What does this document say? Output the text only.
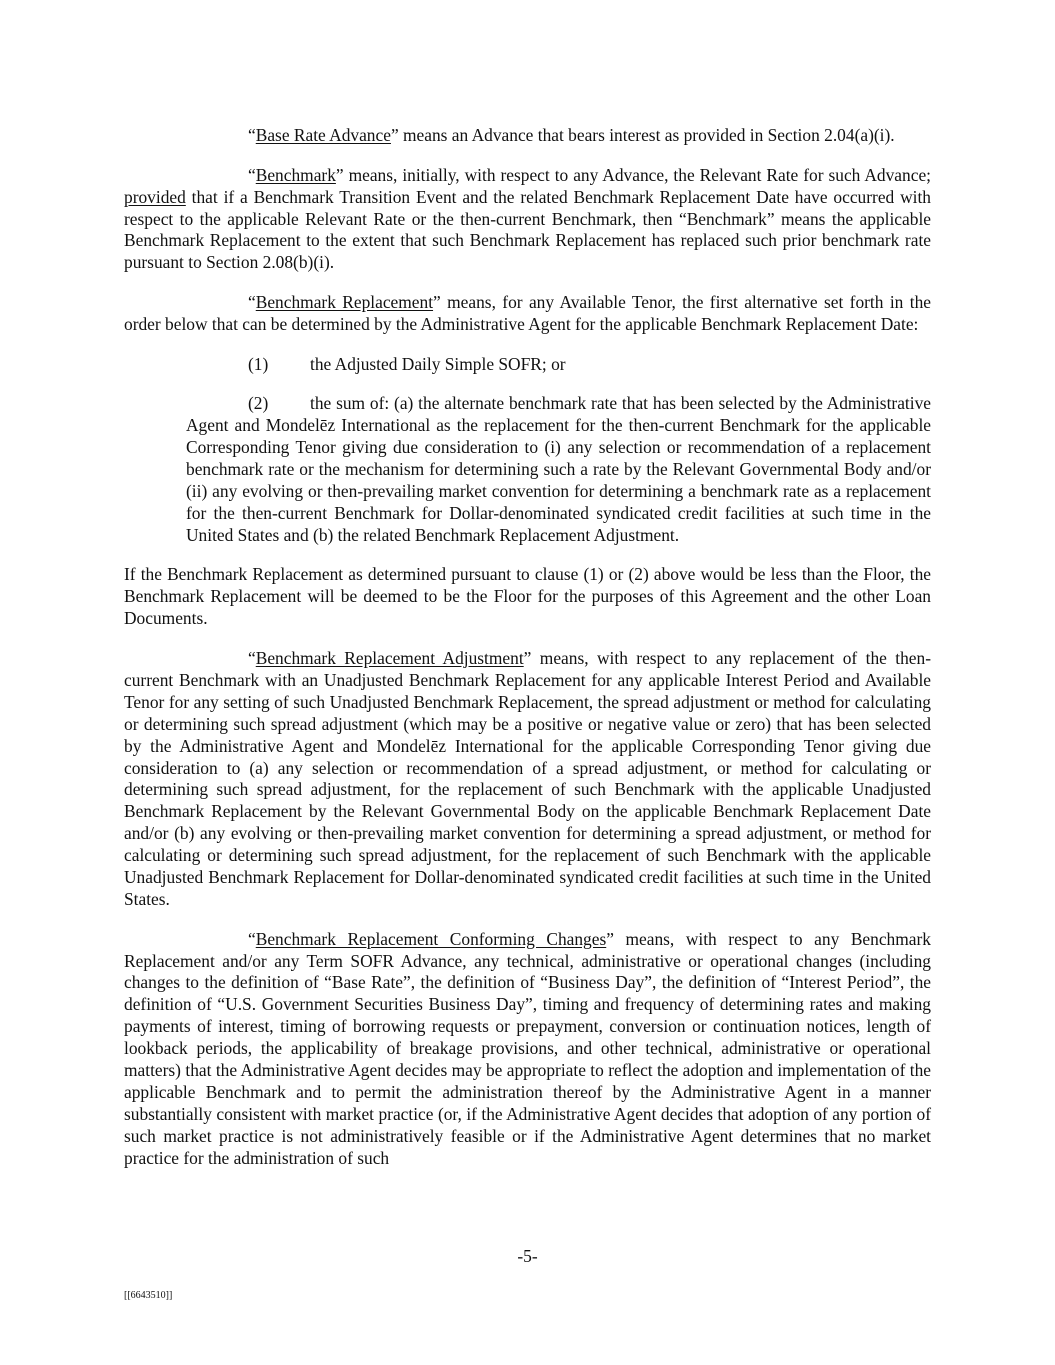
“Base Rate Advance” means an Advance that bears interest as provided in Section 2.04(a)(i).

“Benchmark” means, initially, with respect to any Advance, the Relevant Rate for such Advance; provided that if a Benchmark Transition Event and the related Benchmark Replacement Date have occurred with respect to the applicable Relevant Rate or the then-current Benchmark, then “Benchmark” means the applicable Benchmark Replacement to the extent that such Benchmark Replacement has replaced such prior benchmark rate pursuant to Section 2.08(b)(i).

“Benchmark Replacement” means, for any Available Tenor, the first alternative set forth in the order below that can be determined by the Administrative Agent for the applicable Benchmark Replacement Date:

(1) the Adjusted Daily Simple SOFR; or

(2) the sum of: (a) the alternate benchmark rate that has been selected by the Administrative Agent and Mondelēz International as the replacement for the then-current Benchmark for the applicable Corresponding Tenor giving due consideration to (i) any selection or recommendation of a replacement benchmark rate or the mechanism for determining such a rate by the Relevant Governmental Body and/or (ii) any evolving or then-prevailing market convention for determining a benchmark rate as a replacement for the then-current Benchmark for Dollar-denominated syndicated credit facilities at such time in the United States and (b) the related Benchmark Replacement Adjustment.

If the Benchmark Replacement as determined pursuant to clause (1) or (2) above would be less than the Floor, the Benchmark Replacement will be deemed to be the Floor for the purposes of this Agreement and the other Loan Documents.

“Benchmark Replacement Adjustment” means, with respect to any replacement of the then-current Benchmark with an Unadjusted Benchmark Replacement for any applicable Interest Period and Available Tenor for any setting of such Unadjusted Benchmark Replacement, the spread adjustment or method for calculating or determining such spread adjustment (which may be a positive or negative value or zero) that has been selected by the Administrative Agent and Mondelēz International for the applicable Corresponding Tenor giving due consideration to (a) any selection or recommendation of a spread adjustment, or method for calculating or determining such spread adjustment, for the replacement of such Benchmark with the applicable Unadjusted Benchmark Replacement by the Relevant Governmental Body on the applicable Benchmark Replacement Date and/or (b) any evolving or then-prevailing market convention for determining a spread adjustment, or method for calculating or determining such spread adjustment, for the replacement of such Benchmark with the applicable Unadjusted Benchmark Replacement for Dollar-denominated syndicated credit facilities at such time in the United States.

“Benchmark Replacement Conforming Changes” means, with respect to any Benchmark Replacement and/or any Term SOFR Advance, any technical, administrative or operational changes (including changes to the definition of “Base Rate”, the definition of “Business Day”, the definition of “Interest Period”, the definition of “U.S. Government Securities Business Day”, timing and frequency of determining rates and making payments of interest, timing of borrowing requests or prepayment, conversion or continuation notices, length of lookback periods, the applicability of breakage provisions, and other technical, administrative or operational matters) that the Administrative Agent decides may be appropriate to reflect the adoption and implementation of the applicable Benchmark and to permit the administration thereof by the Administrative Agent in a manner substantially consistent with market practice (or, if the Administrative Agent decides that adoption of any portion of such market practice is not administratively feasible or if the Administrative Agent determines that no market practice for the administration of such

-5-
[[6643510]]
